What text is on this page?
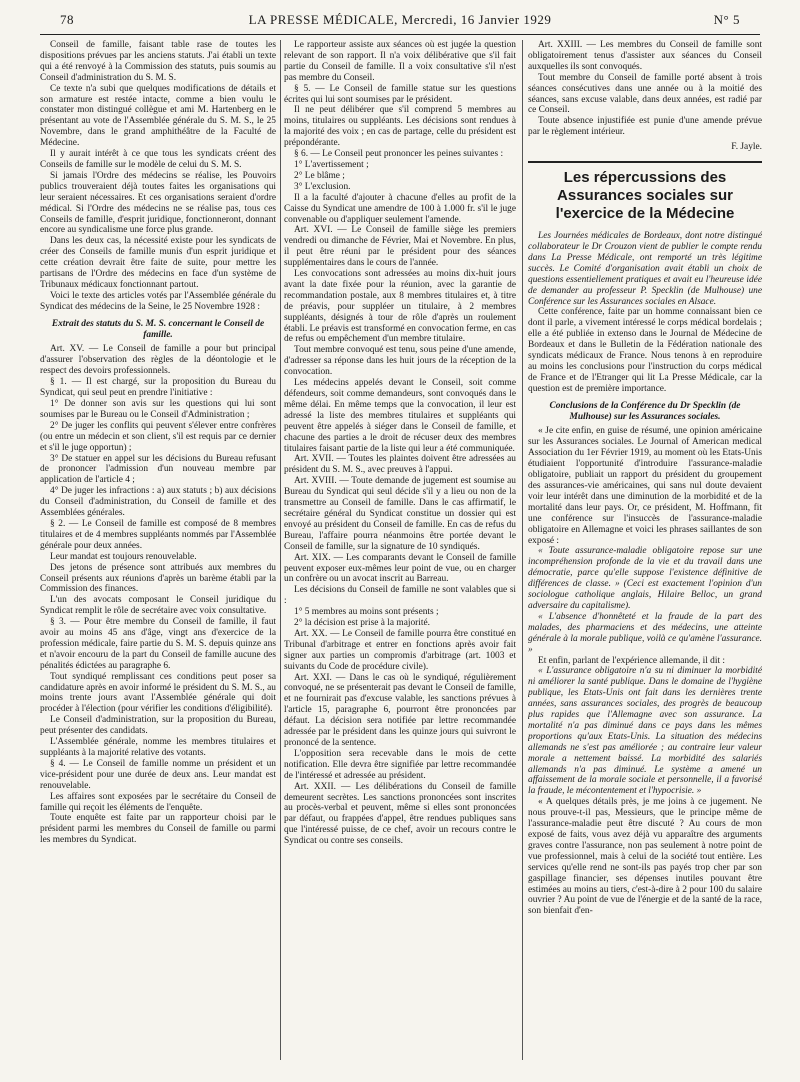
78	LA PRESSE MÉDICALE, Mercredi, 16 Janvier 1929	N° 5

Conseil de famille, faisant table rase de toutes les dispositions prévues par les anciens statuts. J'ai établi un texte qui a été renvoyé à la Commission des statuts, puis soumis au Conseil d'administration du S. M. S.

Ce texte n'a subi que quelques modifications de détails et son armature est restée intacte, comme a bien voulu le constater mon distingué collègue et ami M. Hartenberg en le présentant au vote de l'Assemblée générale du S. M. S., le 25 Novembre, dans le grand amphithéâtre de la Faculté de Médecine.

Il y aurait intérêt à ce que tous les syndicats créent des Conseils de famille sur le modèle de celui du S. M. S.

Si jamais l'Ordre des médecins se réalise, les Pouvoirs publics trouveraient déjà toutes faites les organisations qui leur seraient nécessaires. Et ces organisations seraient d'ordre médical. Si l'Ordre des médecins ne se réalise pas, tous ces Conseils de famille, d'esprit juridique, fonctionneront, donnant encore au syndicalisme une force plus grande.

Dans les deux cas, la nécessité existe pour les syndicats de créer des Conseils de famille munis d'un esprit juridique et cette création devrait être faite de suite, pour mettre les partisans de l'Ordre des médecins en face d'un système de Tribunaux médicaux fonctionnant partout.

Voici le texte des articles votés par l'Assemblée générale du Syndicat des médecins de la Seine, le 25 Novembre 1928 :

Extrait des statuts du S. M. S. concernant le Conseil de famille.

Art. XV. — Le Conseil de famille a pour but principal d'assurer l'observation des règles de la déontologie et le respect des devoirs professionnels.

§ 1. — Il est chargé, sur la proposition du Bureau du Syndicat, qui seul peut en prendre l'initiative :

1° De donner son avis sur les questions qui lui sont soumises par le Bureau ou le Conseil d'Administration ;

2° De juger les conflits qui peuvent s'élever entre confrères (ou entre un médecin et son client, s'il est requis par ce dernier et s'il le juge opportun) ;

3° De statuer en appel sur les décisions du Bureau refusant de prononcer l'admission d'un nouveau membre par application de l'article 4 ;

4° De juger les infractions : a) aux statuts ; b) aux décisions du Conseil d'administration, du Conseil de famille et des Assemblées générales.

§ 2. — Le Conseil de famille est composé de 8 membres titulaires et de 4 membres suppléants nommés par l'Assemblée générale pour deux années.

Leur mandat est toujours renouvelable.

Des jetons de présence sont attribués aux membres du Conseil présents aux réunions d'après un barème établi par la Commission des finances.

L'un des avocats composant le Conseil juridique du Syndicat remplit le rôle de secrétaire avec voix consultative.

§ 3. — Pour être membre du Conseil de famille, il faut avoir au moins 45 ans d'âge, vingt ans d'exercice de la profession médicale, faire partie du S. M. S. depuis quinze ans et n'avoir encouru de la part du Conseil de famille aucune des pénalités édictées au paragraphe 6.

Tout syndiqué remplissant ces conditions peut poser sa candidature après en avoir informé le président du S. M. S., au moins trente jours avant l'Assemblée générale qui doit procéder à l'élection (pour vérifier les conditions d'éligibilité).

Le Conseil d'administration, sur la proposition du Bureau, peut présenter des candidats.

L'Assemblée générale, nomme les membres titulaires et suppléants à la majorité relative des votants.

§ 4. — Le Conseil de famille nomme un président et un vice-président pour une durée de deux ans. Leur mandat est renouvelable.

Les affaires sont exposées par le secrétaire du Conseil de famille qui reçoit les éléments de l'enquête.

Toute enquête est faite par un rapporteur choisi par le président parmi les membres du Conseil de famille ou parmi les membres du Syndicat.

Le rapporteur assiste aux séances où est jugée la question relevant de son rapport. Il n'a voix délibérative que s'il fait partie du Conseil de famille. Il a voix consultative s'il n'est pas membre du Conseil.

§ 5. — Le Conseil de famille statue sur les questions écrites qui lui sont soumises par le président.

Il ne peut délibérer que s'il comprend 5 membres au moins, titulaires ou suppléants. Les décisions sont rendues à la majorité des voix ; en cas de partage, celle du président est prépondérante.

§ 6. — Le Conseil peut prononcer les peines suivantes :

1° L'avertissement ;

2° Le blâme ;

3° L'exclusion.

Il a la faculté d'ajouter à chacune d'elles au profit de la Caisse du Syndicat une amendre de 100 à 1.000 fr. s'il le juge convenable ou d'appliquer seulement l'amende.

Art. XVI. — Le Conseil de famille siège les premiers vendredi ou dimanche de Février, Mai et Novembre. En plus, il peut être réuni par le président pour des séances supplémentaires dans le cours de l'année.

Les convocations sont adressées au moins dix-huit jours avant la date fixée pour la réunion, avec la garantie de recommandation postale, aux 8 membres titulaires et, à titre de préavis, pour suppléer un titulaire, à 2 membres suppléants, désignés à tour de rôle d'après un roulement établi. Le préavis est transformé en convocation ferme, en cas de refus ou empêchement d'un membre titulaire.

Tout membre convoqué est tenu, sous peine d'une amende, d'adresser sa réponse dans les huit jours de la réception de la convocation.

Les médecins appelés devant le Conseil, soit comme défendeurs, soit comme demandeurs, sont convoqués dans le même délai. En même temps que la convocation, il leur est adressé la liste des membres titulaires et suppléants qui peuvent être appelés à siéger dans le Conseil de famille, et chacune des parties a le droit de récuser deux des membres titulaires faisant partie de la liste qui leur a été communiquée.

Art. XVII. — Toutes les plaintes doivent être adressées au président du S. M. S., avec preuves à l'appui.

Art. XVIII. — Toute demande de jugement est soumise au Bureau du Syndicat qui seul décide s'il y a lieu ou non de la transmettre au Conseil de famille. Dans le cas affirmatif, le secrétaire général du Syndicat constitue un dossier qui est envoyé au président du Conseil de famille. En cas de refus du Bureau, l'affaire pourra néanmoins être portée devant le Conseil de famille, sur la signature de 10 syndiqués.

Art. XIX. — Les comparants devant le Conseil de famille peuvent exposer eux-mêmes leur point de vue, ou en charger un confrère ou un avocat inscrit au Barreau.

Les décisions du Conseil de famille ne sont valables que si :

1° 5 membres au moins sont présents ;

2° la décision est prise à la majorité.

Art. XX. — Le Conseil de famille pourra être constitué en Tribunal d'arbitrage et entrer en fonctions après avoir fait signer aux parties un compromis d'arbitrage (art. 1003 et suivants du Code de procédure civile).

Art. XXI. — Dans le cas où le syndiqué, régulièrement convoqué, ne se présenterait pas devant le Conseil de famille, et ne fournirait pas d'excuse valable, les sanctions prévues à l'article 15, paragraphe 6, pourront être prononcées par défaut. La décision sera notifiée par lettre recommandée adressée par le président dans les quinze jours qui suivront le prononcé de la sentence.

L'opposition sera recevable dans le mois de cette notification. Elle devra être signifiée par lettre recommandée de l'intéressé et adressée au président.

Art. XXII. — Les délibérations du Conseil de famille demeurent secrètes. Les sanctions prononcées sont inscrites au procès-verbal et peuvent, même si elles sont prononcées par défaut, ou frappées d'appel, être rendues publiques sans que l'intéressé puisse, de ce chef, avoir un recours contre le Syndicat ou contre ses conseils.

Art. XXIII. — Les membres du Conseil de famille sont obligatoirement tenus d'assister aux séances du Conseil auxquelles ils sont convoqués.

Tout membre du Conseil de famille porté absent à trois séances consécutives dans une année ou à la moitié des séances, sans excuse valable, dans deux années, est radié par ce Conseil.

Toute absence injustifiée est punie d'une amende prévue par le règlement intérieur.

F. Jayle.

Les répercussions des Assurances sociales sur l'exercice de la Médecine

Les Journées médicales de Bordeaux, dont notre distingué collaborateur le Dr Crouzon vient de publier le compte rendu dans La Presse Médicale, ont remporté un très légitime succès. Le Comité d'organisation avait établi un choix de questions essentiellement pratiques et avait eu l'heureuse idée de demander au professeur P. Specklin (de Mulhouse) une Conférence sur les Assurances sociales en Alsace.

Cette conférence, faite par un homme connaissant bien ce dont il parle, a vivement intéressé le corps médical bordelais ; elle a été publiée in extenso dans le Journal de Médecine de Bordeaux et dans le Bulletin de la Fédération nationale des syndicats médicaux de France. Nous tenons à en reproduire au moins les conclusions pour l'instruction du corps médical de France et de l'Etranger qui lit La Presse Médicale, car la question est de première importance.

Conclusions de la Conférence du Dr Specklin (de Mulhouse) sur les Assurances sociales.

« Je cite enfin, en guise de résumé, une opinion américaine sur les Assurances sociales. Le Journal of American medical Association du 1er Février 1919, au moment où les Etats-Unis étudiaient l'opportunité d'introduire l'assurance-maladie obligatoire, publiait un rapport du président du groupement des assurances-vie américaines, qui sans nul doute devaient voir leur intérêt dans une diminution de la morbidité et de la mortalité dans leur pays. Or, ce président, M. Hoffmann, fit une conférence sur l'insuccès de l'assurance-maladie obligatoire en Allemagne et voici les phrases saillantes de son exposé :

« Toute assurance-maladie obligatoire repose sur une incompréhension profonde de la vie et du travail dans une démocratie, parce qu'elle suppose l'existence définitive de différences de classe. » (Ceci est exactement l'opinion d'un sociologue catholique anglais, Hilaire Belloc, un grand adversaire du capitalisme).

« L'absence d'honnêteté et la fraude de la part des malades, des pharmaciens et des médecins, une atteinte générale à la morale publique, voilà ce qu'amène l'assurance. »

Et enfin, parlant de l'expérience allemande, il dit :

« L'assurance obligatoire n'a su ni diminuer la morbidité ni améliorer la santé publique. Dans le domaine de l'hygiène publique, les Etats-Unis ont fait dans les dernières trente années, sans assurances sociales, des progrès de beaucoup plus rapides que l'Allemagne avec son assurance. La mortalité n'a pas diminué dans ce pays dans les mêmes proportions qu'aux Etats-Unis. La situation des médecins allemands ne s'est pas améliorée ; au contraire leur valeur morale a nettement baissé. La morbidité des salariés allemands n'a pas diminué. Le système a amené un affaissement de la morale sociale et personnelle, il a favorisé la fraude, le mécontentement et l'hypocrisie. »

« A quelques détails près, je me joins à ce jugement. Ne nous prouve-t-il pas, Messieurs, que le principe même de l'assurance-maladie peut être discuté ? Au cours de mon exposé de faits, vous avez déjà vu apparaître des arguments graves contre l'assurance, non pas seulement à notre point de vue professionnel, mais à celui de la société tout entière. Les services qu'elle rend ne sont-ils pas payés trop cher par son gaspillage financier, ses dépenses inutiles pouvant être estimées au moins au tiers, c'est-à-dire à 2 pour 100 du salaire ouvrier ? Au point de vue de l'énergie et de la santé de la race, son bienfait d'en-
